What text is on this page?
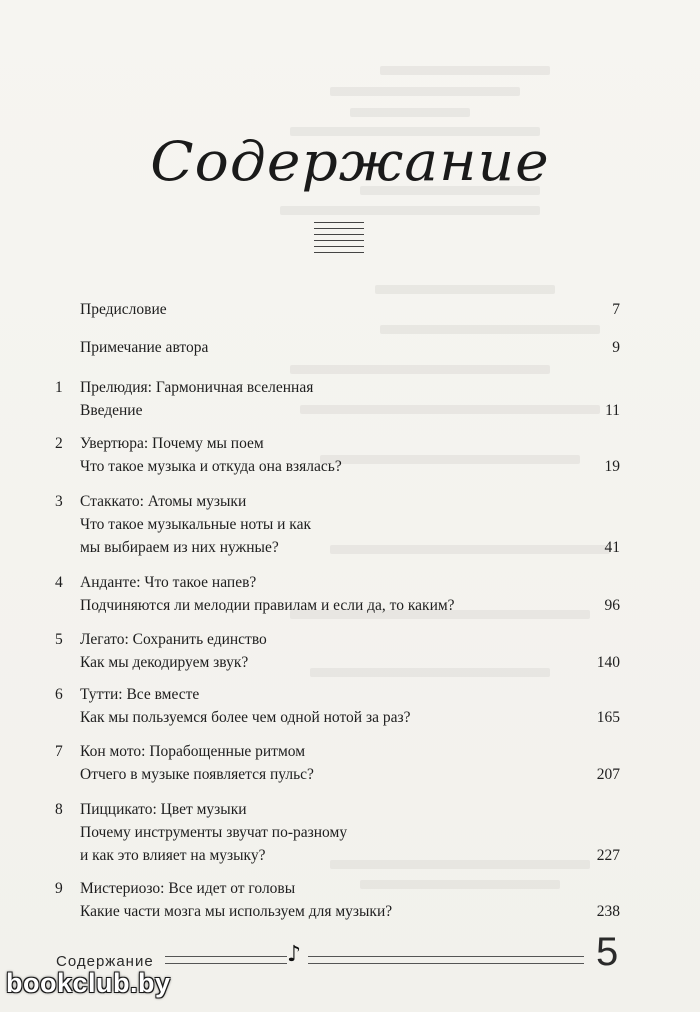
Содержание
Предисловие	7
Примечание автора	9
1 Прелюдия: Гармоничная вселенная
Введение	11
2 Увертюра: Почему мы поем
Что такое музыка и откуда она взялась?	19
3 Стаккато: Атомы музыки
Что такое музыкальные ноты и как
мы выбираем из них нужные?	41
4 Анданте: Что такое напев?
Подчиняются ли мелодии правилам и если да, то каким?	96
5 Легато: Сохранить единство
Как мы декодируем звук?	140
6 Тутти: Все вместе
Как мы пользуемся более чем одной нотой за раз?	165
7 Кон мото: Порабощенные ритмом
Отчего в музыке появляется пульс?	207
8 Пиццикато: Цвет музыки
Почему инструменты звучат по-разному
и как это влияет на музыку?	227
9 Мистериозо: Все идет от головы
Какие части мозга мы используем для музыки?	238
Содержание	♪	5
bookclub.by
